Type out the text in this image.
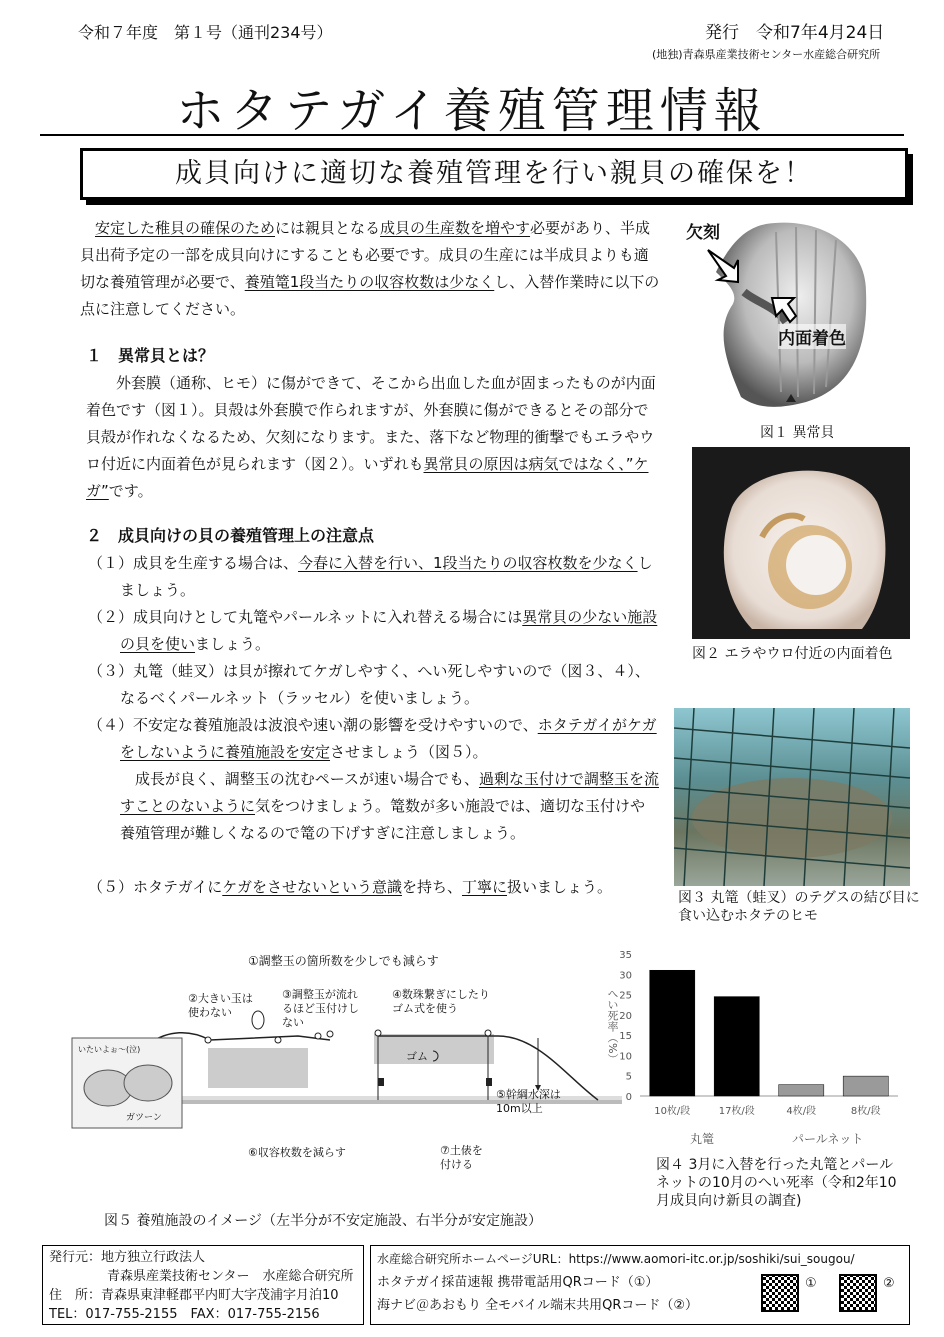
令和７年度　第１号（通刊234号）	発行　令和7年4月24日
(地独)青森県産業技術センター水産総合研究所
ホタテガイ養殖管理情報
成貝向けに適切な養殖管理を行い親貝の確保を！
安定した稚貝の確保のためには親貝となる成貝の生産数を増やす必要があり、半成貝出荷予定の一部を成貝向けにすることも必要です。成貝の生産には半成貝よりも適切な養殖管理が必要で、養殖篭1段当たりの収容枚数は少なくし、入替作業時に以下の点に注意してください。
１　異常貝とは？
外套膜（通称、ヒモ）に傷ができて、そこから出血した血が固まったものが内面着色です（図１）。貝殻は外套膜で作られますが、外套膜に傷ができるとその部分で貝殻が作れなくなるため、欠刻になります。また、落下など物理的衝撃でもエラやウロ付近に内面着色が見られます（図２）。いずれも異常貝の原因は病気ではなく、”ケガ”です。
２　成貝向けの貝の養殖管理上の注意点
（１）成貝を生産する場合は、今春に入替を行い、1段当たりの収容枚数を少なくしましょう。
（２）成貝向けとして丸篭やパールネットに入れ替える場合には異常貝の少ない施設の貝を使いましょう。
（３）丸篭（蛙叉）は貝が擦れてケガしやすく、へい死しやすいので（図３、４）、なるべくパールネット（ラッセル）を使いましょう。
（４）不安定な養殖施設は波浪や速い潮の影響を受けやすいので、ホタテガイがケガをしないように養殖施設を安定させましょう（図５）。
成長が良く、調整玉の沈むペースが速い場合でも、過剰な玉付けで調整玉を流すことのないように気をつけましょう。篭数が多い施設では、適切な玉付けや養殖管理が難しくなるので篭の下げすぎに注意しましょう。
（５）ホタテガイにケガをさせないという意識を持ち、丁寧に扱いましょう。
欠刻
内面着色
図１ 異常貝
図２ エラやウロ付近の内面着色
図３ 丸篭（蛙叉）のテグスの結び目に食い込むホタテのヒモ
①調整玉の箇所数を少しでも減らす
②大きい玉は
使わない
③調整玉が流れ
るほど玉付けし
ない
④数珠繋ぎにしたり
ゴム式を使う
ゴム
⑤幹綱水深は
10m以上
⑥収容枚数を減らす	⑦土俵を
付ける
いたいよぉ〜(泣)
ガツーン
図５ 養殖施設のイメージ（左半分が不安定施設、右半分が安定施設）
0
5
10
15
20
25
30
35
10枚/段	17枚/段	4枚/段	8枚/段
へい死率（%）
丸篭	パールネット
図４ 3月に入替を行った丸篭とパールネットの10月のへい死率（令和2年10月成貝向け新貝の調査)
発行元：地方独立行政法人
青森県産業技術センター　水産総合研究所
住　所：青森県東津軽郡平内町大字茂浦字月泊10
TEL：017-755-2155　FAX：017-755-2156
水産総合研究所ホームページURL：https://www.aomori-itc.or.jp/soshiki/sui_sougou/
ホタテガイ採苗速報 携帯電話用QRコード（①）
海ナビ＠あおもり 全モバイル端末共用QRコード（②）
①	②
